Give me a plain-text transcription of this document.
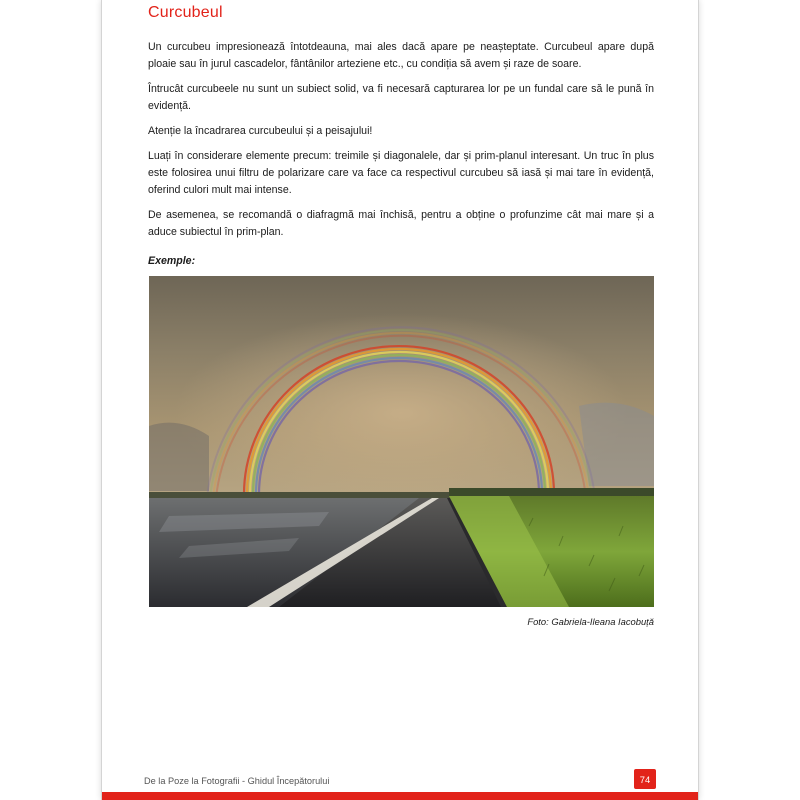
Curcubeul

Un curcubeu impresionează întotdeauna, mai ales dacă apare pe neașteptate. Curcubeul apare după ploaie sau în jurul cascadelor, fântânilor arteziene etc., cu condiția să avem și raze de soare.

Întrucât curcubeele nu sunt un subiect solid, va fi necesară capturarea lor pe un fundal care să le pună în evidență.

Atenție la încadrarea curcubeului și a peisajului!

Luați în considerare elemente precum: treimile și diagonalele, dar și prim-planul interesant. Un truc în plus este folosirea unui filtru de polarizare care va face ca respectivul curcubeu să iasă și mai tare în evidență, oferind culori mult mai intense.

De asemenea, se recomandă o diafragmă mai închisă, pentru a obține o profunzime cât mai mare și a aduce subiectul în prim-plan.

Exemple:

Foto: Gabriela-Ileana Iacobuță
De la Poze la Fotografii - Ghidul Începătorului	74
